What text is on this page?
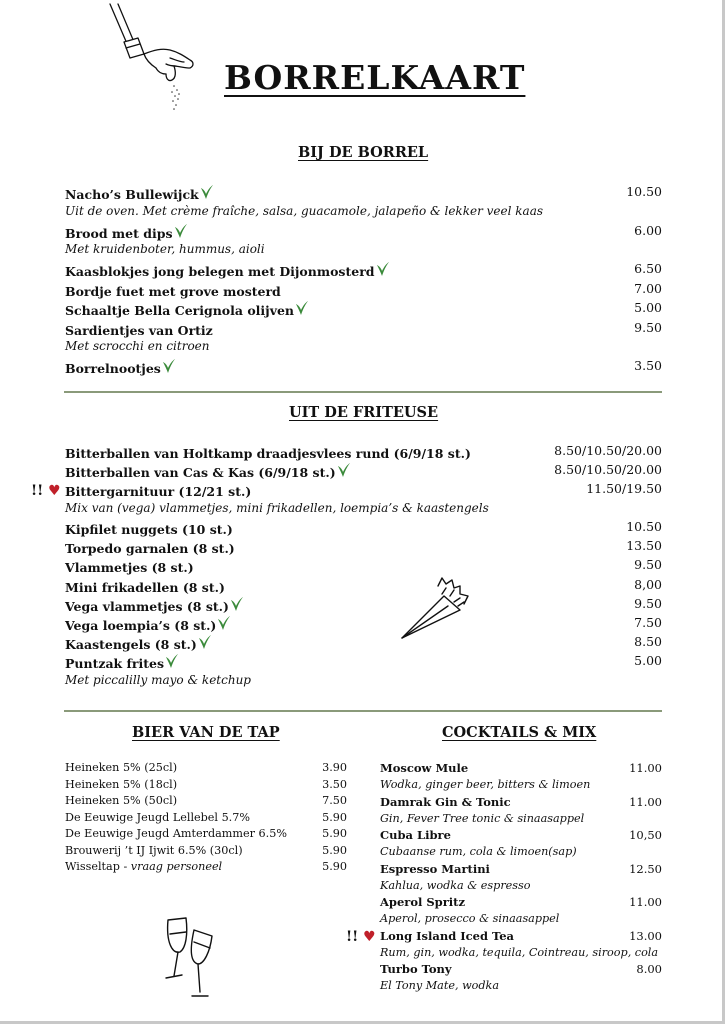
BORRELKAART
BIJ DE BORREL
Nacho’s Bullewijck	10.50
Uit de oven. Met crème fraîche, salsa, guacamole, jalapeño & lekker veel kaas
Brood met dips	6.00
Met kruidenboter, hummus, aioli
Kaasblokjes jong belegen met Dijonmosterd	6.50
Bordje fuet met grove mosterd	7.00
Schaaltje Bella Cerignola olijven	5.00
Sardientjes van Ortiz	9.50
Met scrocchi en citroen
Borrelnootjes	3.50
UIT DE FRITEUSE
Bitterballen van Holtkamp draadjesvlees rund (6/9/18 st.)	8.50/10.50/20.00
Bitterballen van Cas & Kas (6/9/18 st.)	8.50/10.50/20.00
Bittergarnituur (12/21 st.)	11.50/19.50
Mix van (vega) vlammetjes, mini frikadellen, loempia’s & kaastengels
Kipfilet nuggets (10 st.)	10.50
Torpedo garnalen (8 st.)	13.50
Vlammetjes (8 st.)	9.50
Mini frikadellen (8 st.)	8,00
Vega vlammetjes (8 st.)	9.50
Vega loempia’s (8 st.)	7.50
Kaastengels (8 st.)	8.50
Puntzak frites	5.00
Met piccalilly mayo & ketchup
!! ♥
BIER VAN DE TAP
Heineken 5% (25cl)	3.90
Heineken 5% (18cl)	3.50
Heineken 5% (50cl)	7.50
De Eeuwige Jeugd Lellebel 5.7%	5.90
De Eeuwige Jeugd Amterdammer 6.5%	5.90
Brouwerij ’t IJ Ijwit 6.5% (30cl)	5.90
Wisseltap - vraag personeel	5.90
COCKTAILS & MIX
Moscow Mule	11.00
Wodka, ginger beer, bitters & limoen
Damrak Gin & Tonic	11.00
Gin, Fever Tree tonic & sinaasappel
Cuba Libre	10,50
Cubaanse rum, cola & limoen(sap)
Espresso Martini	12.50
Kahlua, wodka & espresso
Aperol Spritz	11.00
Aperol, prosecco & sinaasappel
Long Island Iced Tea	13.00
Rum, gin, wodka, tequila, Cointreau, siroop, cola
Turbo Tony	8.00
El Tony Mate, wodka
!! ♥
